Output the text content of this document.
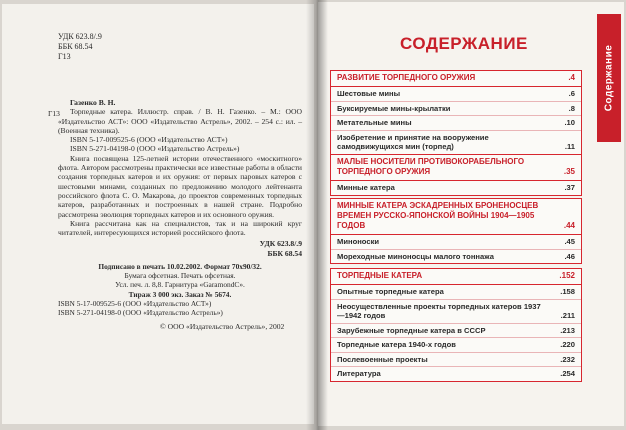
УДК 623.8/.9
ББК 68.54
Г13
Г13

Газенко В. Н.

Торпедные катера. Иллюстр. справ. / В. Н. Газенко. – М.: ООО «Издательство АСТ»: ООО «Издательство Астрель», 2002. – 254 с.: ил. – (Военная техника).

ISBN 5-17-009525-6 (ООО «Издательство АСТ»)

ISBN 5-271-04198-0 (ООО «Издательство Астрель»)

Книга посвящена 125-летней истории отечественного «москитного» флота. Автором рассмотрены практически все известные работы в области создания торпедных катеров и их оружия: от первых паровых катеров с шестовыми минами, созданных по предложению молодого лейтенанта российского флота С. О. Макарова, до проектов современных торпедных катеров, разработанных и построенных в нашей стране. Подробно рассмотрена эволюция торпедных катеров и их основного оружия.

Книга рассчитана как на специалистов, так и на широкий круг читателей, интересующихся историей российского флота.

УДК 623.8/.9
ББК 68.54
Подписано в печать 10.02.2002. Формат 70х90/32.
Бумага офсетная. Печать офсетная.
Усл. печ. л. 8,8. Гарнитура «GaramondC».
Тираж 3 000 экз. Заказ № 5674.
ISBN 5-17-009525-6 (ООО «Издательство АСТ»)
ISBN 5-271-04198-0 (ООО «Издательство Астрель»)
© ООО «Издательство Астрель», 2002
Содержание
СОДЕРЖАНИЕ
РАЗВИТИЕ ТОРПЕДНОГО ОРУЖИЯ	.4
Шестовые мины	.6
Буксируемые мины-крылатки	.8
Метательные мины	.10
Изобретение и принятие на вооружение самодвижущихся мин (торпед)	.11
МАЛЫЕ НОСИТЕЛИ ПРОТИВОКОРАБЕЛЬНОГО ТОРПЕДНОГО ОРУЖИЯ	.35
Минные катера	.37
МИННЫЕ КАТЕРА ЭСКАДРЕННЫХ БРОНЕНОСЦЕВ ВРЕМЕН РУССКО-ЯПОНСКОЙ ВОЙНЫ 1904—1905 ГОДОВ	.44
Миноноски	.45
Мореходные миноносцы малого тоннажа	.46
ТОРПЕДНЫЕ КАТЕРА	.152
Опытные торпедные катера	.158
Неосуществленные проекты торпедных катеров 1937—1942 годов	.211
Зарубежные торпедные катера в СССР	.213
Торпедные катера 1940-х годов	.220
Послевоенные проекты	.232
Литература	.254
